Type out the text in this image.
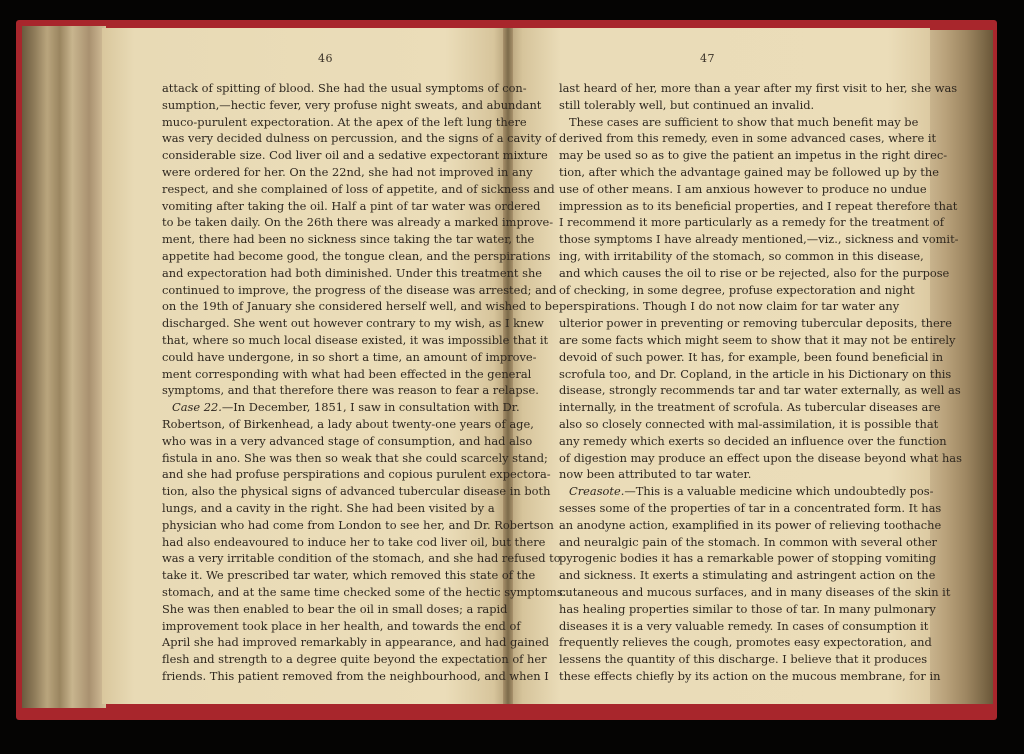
46	47
attack of spitting of blood. She had the usual symptoms of con-
sumption,—hectic fever, very profuse night sweats, and abundant
muco-purulent expectoration. At the apex of the left lung there
was very decided dulness on percussion, and the signs of a cavity of
considerable size. Cod liver oil and a sedative expectorant mixture
were ordered for her. On the 22nd, she had not improved in any
respect, and she complained of loss of appetite, and of sickness and
vomiting after taking the oil. Half a pint of tar water was ordered
to be taken daily. On the 26th there was already a marked improve-
ment, there had been no sickness since taking the tar water, the
appetite had become good, the tongue clean, and the perspirations
and expectoration had both diminished. Under this treatment she
continued to improve, the progress of the disease was arrested; and
on the 19th of January she considered herself well, and wished to be
discharged. She went out however contrary to my wish, as I knew
that, where so much local disease existed, it was impossible that it
could have undergone, in so short a time, an amount of improve-
ment corresponding with what had been effected in the general
symptoms, and that therefore there was reason to fear a relapse.
Case 22.—In December, 1851, I saw in consultation with Dr.
Robertson, of Birkenhead, a lady about twenty-one years of age,
who was in a very advanced stage of consumption, and had also
fistula in ano. She was then so weak that she could scarcely stand;
and she had profuse perspirations and copious purulent expectora-
tion, also the physical signs of advanced tubercular disease in both
lungs, and a cavity in the right. She had been visited by a
physician who had come from London to see her, and Dr. Robertson
had also endeavoured to induce her to take cod liver oil, but there
was a very irritable condition of the stomach, and she had refused to
take it. We prescribed tar water, which removed this state of the
stomach, and at the same time checked some of the hectic symptoms.
She was then enabled to bear the oil in small doses; a rapid
improvement took place in her health, and towards the end of
April she had improved remarkably in appearance, and had gained
flesh and strength to a degree quite beyond the expectation of her
friends. This patient removed from the neighbourhood, and when I
last heard of her, more than a year after my first visit to her, she was
still tolerably well, but continued an invalid.
These cases are sufficient to show that much benefit may be
derived from this remedy, even in some advanced cases, where it
may be used so as to give the patient an impetus in the right direc-
tion, after which the advantage gained may be followed up by the
use of other means. I am anxious however to produce no undue
impression as to its beneficial properties, and I repeat therefore that
I recommend it more particularly as a remedy for the treatment of
those symptoms I have already mentioned,—viz., sickness and vomit-
ing, with irritability of the stomach, so common in this disease,
and which causes the oil to rise or be rejected, also for the purpose
of checking, in some degree, profuse expectoration and night
perspirations. Though I do not now claim for tar water any
ulterior power in preventing or removing tubercular deposits, there
are some facts which might seem to show that it may not be entirely
devoid of such power. It has, for example, been found beneficial in
scrofula too, and Dr. Copland, in the article in his Dictionary on this
disease, strongly recommends tar and tar water externally, as well as
internally, in the treatment of scrofula. As tubercular diseases are
also so closely connected with mal-assimilation, it is possible that
any remedy which exerts so decided an influence over the function
of digestion may produce an effect upon the disease beyond what has
now been attributed to tar water.
Creasote.—This is a valuable medicine which undoubtedly pos-
sesses some of the properties of tar in a concentrated form. It has
an anodyne action, examplified in its power of relieving toothache
and neuralgic pain of the stomach. In common with several other
pyrogenic bodies it has a remarkable power of stopping vomiting
and sickness. It exerts a stimulating and astringent action on the
cutaneous and mucous surfaces, and in many diseases of the skin it
has healing properties similar to those of tar. In many pulmonary
diseases it is a very valuable remedy. In cases of consumption it
frequently relieves the cough, promotes easy expectoration, and
lessens the quantity of this discharge. I believe that it produces
these effects chiefly by its action on the mucous membrane, for in
